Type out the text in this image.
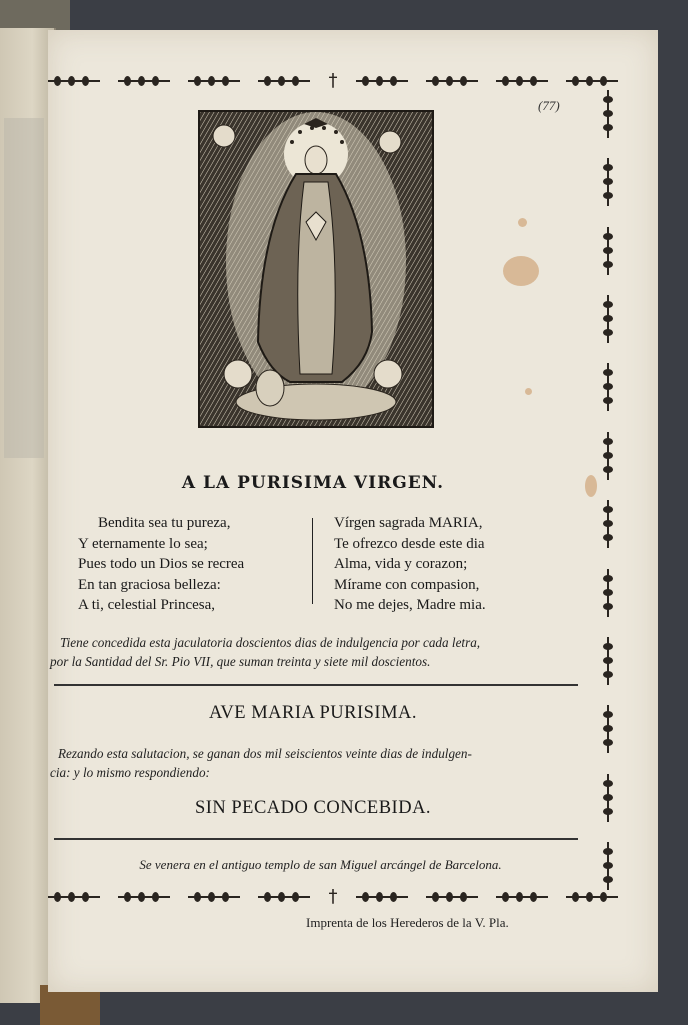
†
†
(77)
A LA PURISIMA VIRGEN.
Bendita sea tu pureza,
Y eternamente lo sea;
Pues todo un Dios se recrea
En tan graciosa belleza:
A ti, celestial Princesa,
Vírgen sagrada MARIA,
Te ofrezco desde este dia
Alma, vida y corazon;
Mírame con compasion,
No me dejes, Madre mia.
Tiene concedida esta jaculatoria doscientos dias de indulgencia por cada letra,
por la Santidad del Sr. Pio VII, que suman treinta y siete mil doscientos.
AVE MARIA PURISIMA.
Rezando esta salutacion, se ganan dos mil seiscientos veinte dias de indulgen-
cia: y lo mismo respondiendo:
SIN PECADO CONCEBIDA.
Se venera en el antiguo templo de san Miguel arcángel de Barcelona.
Imprenta de los Herederos de la V. Pla.
